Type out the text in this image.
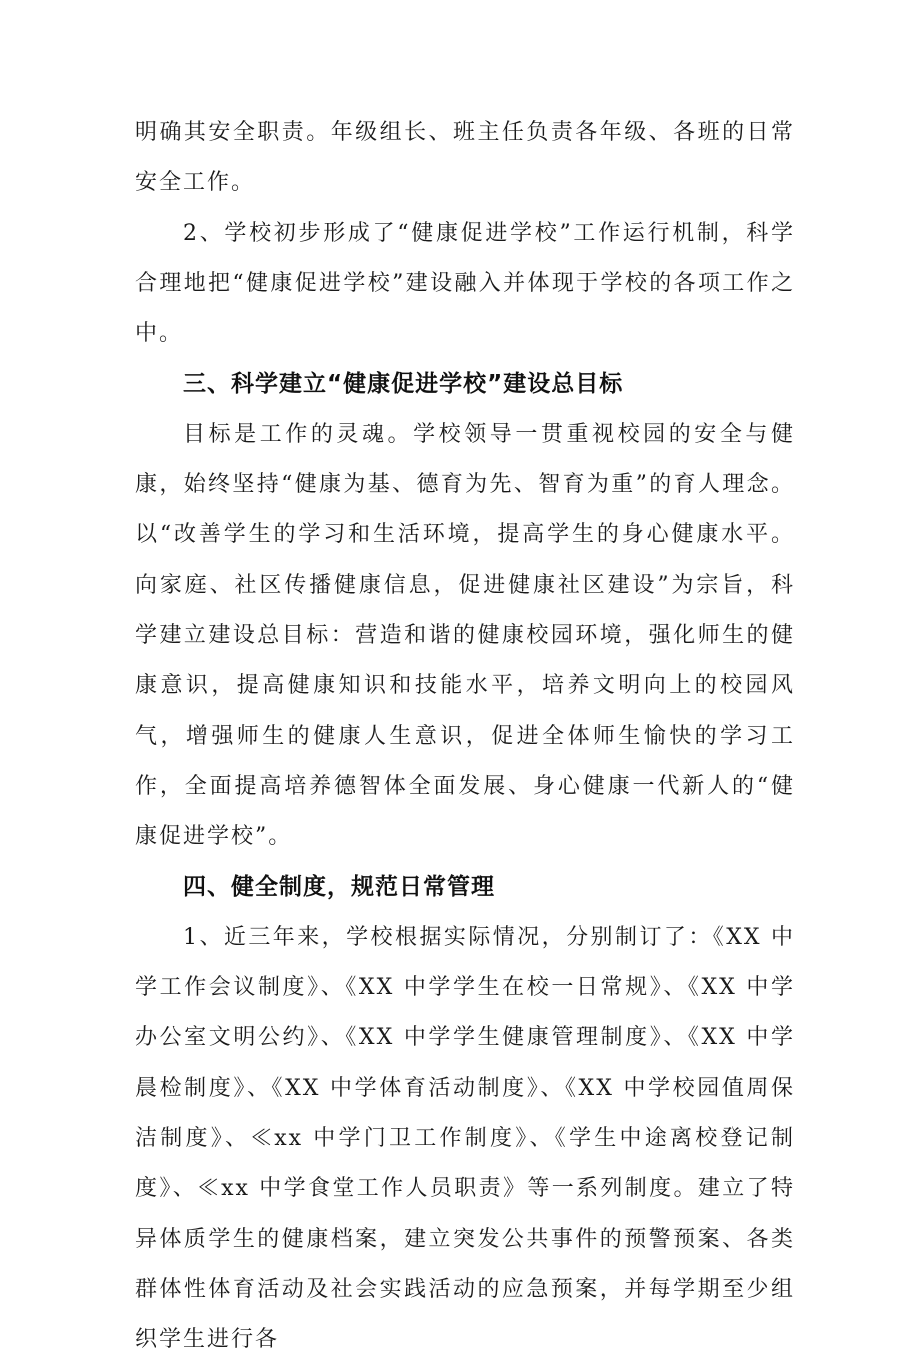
明确其安全职责。年级组长、班主任负责各年级、各班的日常安全工作。

2、学校初步形成了“健康促进学校”工作运行机制，科学合理地把“健康促进学校”建设融入并体现于学校的各项工作之中。

三、科学建立“健康促进学校”建设总目标

目标是工作的灵魂。学校领导一贯重视校园的安全与健康，始终坚持“健康为基、德育为先、智育为重”的育人理念。以“改善学生的学习和生活环境，提高学生的身心健康水平。向家庭、社区传播健康信息，促进健康社区建设”为宗旨，科学建立建设总目标：营造和谐的健康校园环境，强化师生的健康意识，提高健康知识和技能水平，培养文明向上的校园风气，增强师生的健康人生意识，促进全体师生愉快的学习工作，全面提高培养德智体全面发展、身心健康一代新人的“健康促进学校”。

四、健全制度，规范日常管理

1、近三年来，学校根据实际情况，分别制订了：《XX 中学工作会议制度》、《XX 中学学生在校一日常规》、《XX 中学办公室文明公约》、《XX 中学学生健康管理制度》、《XX 中学晨检制度》、《XX 中学体育活动制度》、《XX 中学校园值周保洁制度》、≪xx 中学门卫工作制度》、《学生中途离校登记制度》、≪xx 中学食堂工作人员职责》等一系列制度。建立了特异体质学生的健康档案，建立突发公共事件的预警预案、各类群体性体育活动及社会实践活动的应急预案，并每学期至少组织学生进行各
